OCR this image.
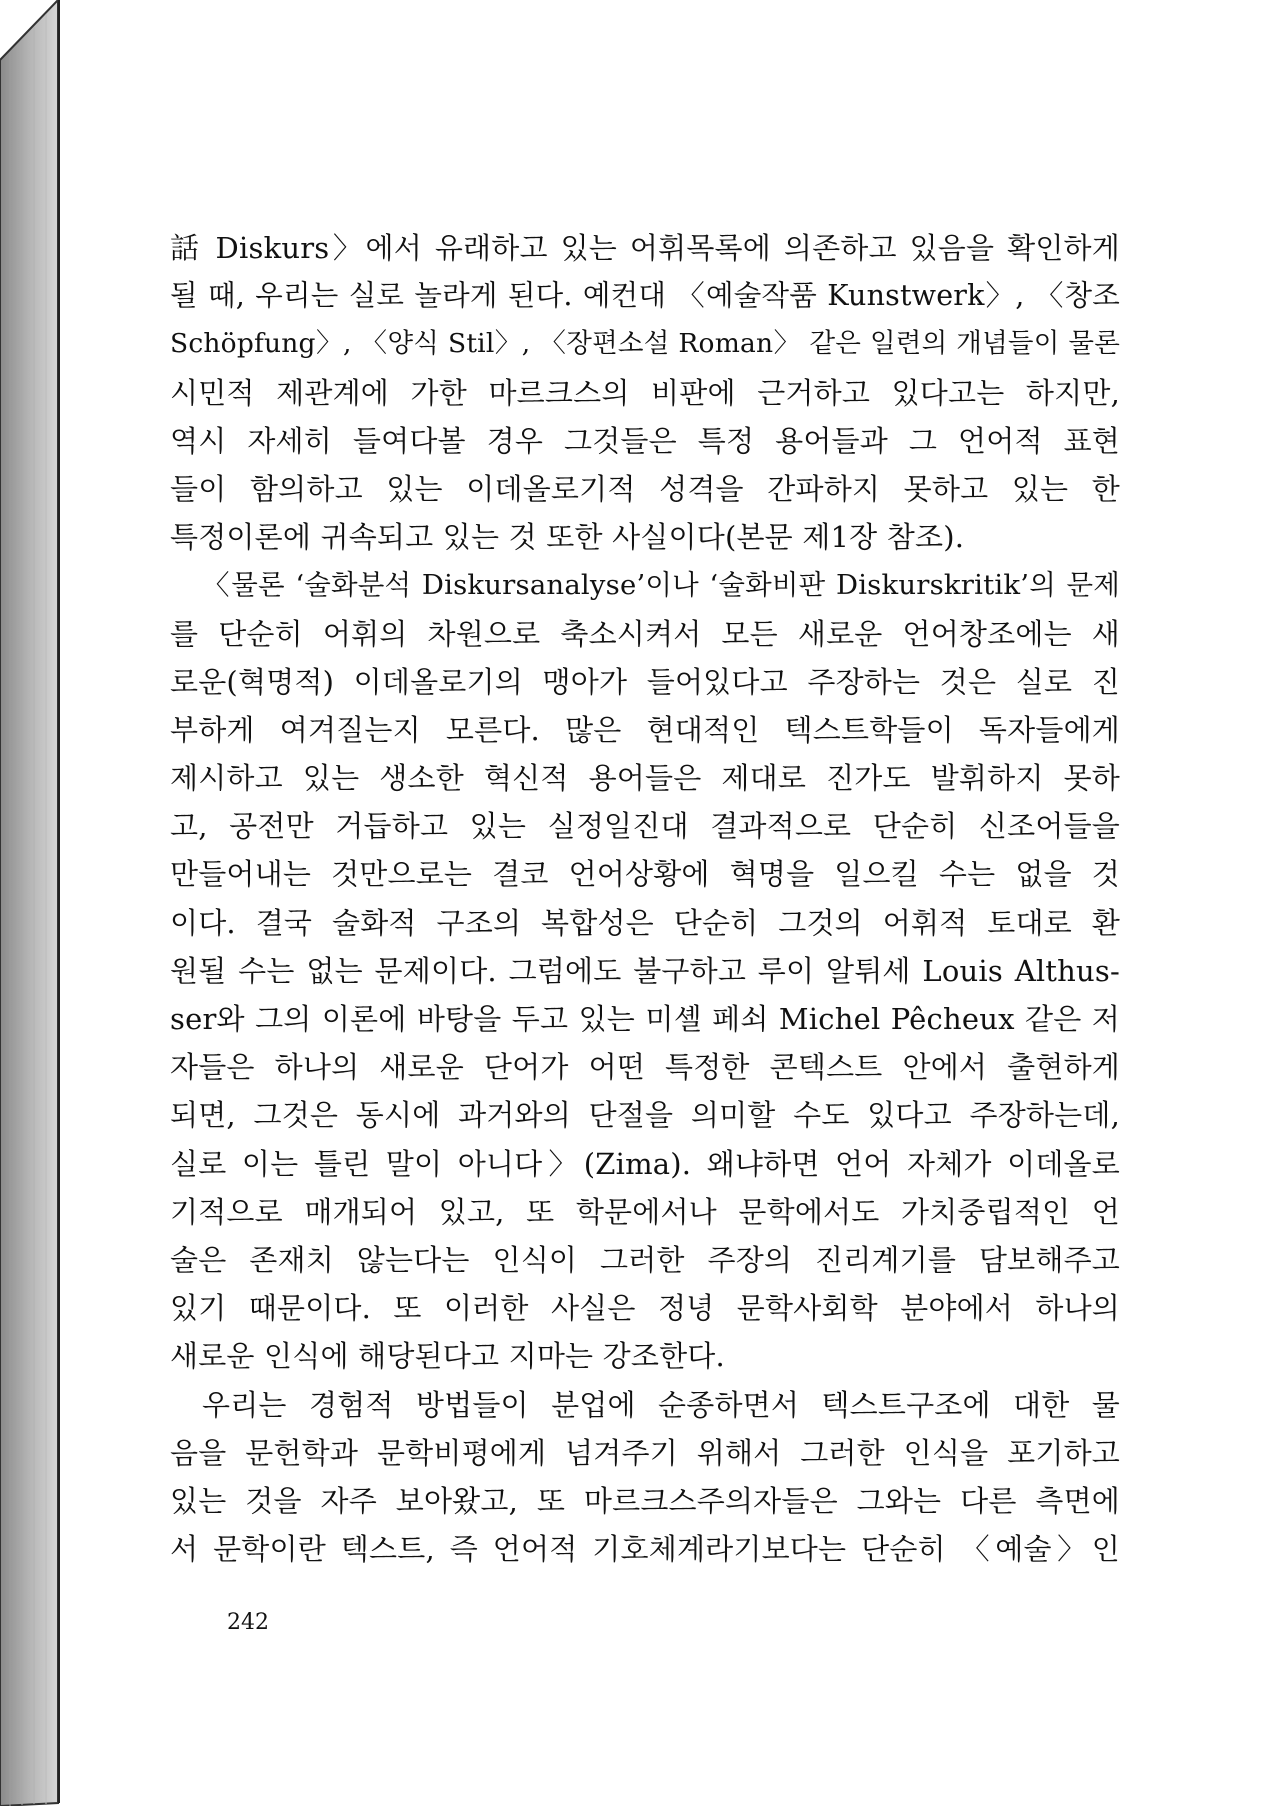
話 Diskurs〉에서 유래하고 있는 어휘목록에 의존하고 있음을 확인하게
될 때, 우리는 실로 놀라게 된다. 예컨대 〈예술작품 Kunstwerk〉, 〈창조
Schöpfung〉, 〈양식 Stil〉, 〈장편소설 Roman〉 같은 일련의 개념들이 물론
시민적 제관계에 가한 마르크스의 비판에 근거하고 있다고는 하지만,
역시 자세히 들여다볼 경우 그것들은 특정 용어들과 그 언어적 표현
들이 함의하고 있는 이데올로기적 성격을 간파하지 못하고 있는 한
특정이론에 귀속되고 있는 것 또한 사실이다(본문 제1장 참조).
〈물론 ‘술화분석 Diskursanalyse’이나 ‘술화비판 Diskurskritik’의 문제
를 단순히 어휘의 차원으로 축소시켜서 모든 새로운 언어창조에는 새
로운(혁명적) 이데올로기의 맹아가 들어있다고 주장하는 것은 실로 진
부하게 여겨질는지 모른다. 많은 현대적인 텍스트학들이 독자들에게
제시하고 있는 생소한 혁신적 용어들은 제대로 진가도 발휘하지 못하
고, 공전만 거듭하고 있는 실정일진대 결과적으로 단순히 신조어들을
만들어내는 것만으로는 결코 언어상황에 혁명을 일으킬 수는 없을 것
이다. 결국 술화적 구조의 복합성은 단순히 그것의 어휘적 토대로 환
원될 수는 없는 문제이다. 그럼에도 불구하고 루이 알튀세 Louis Althus-
ser와 그의 이론에 바탕을 두고 있는 미셸 페쇠 Michel Pêcheux 같은 저
자들은 하나의 새로운 단어가 어떤 특정한 콘텍스트 안에서 출현하게
되면, 그것은 동시에 과거와의 단절을 의미할 수도 있다고 주장하는데,
실로 이는 틀린 말이 아니다〉(Zima). 왜냐하면 언어 자체가 이데올로
기적으로 매개되어 있고, 또 학문에서나 문학에서도 가치중립적인 언
술은 존재치 않는다는 인식이 그러한 주장의 진리계기를 담보해주고
있기 때문이다. 또 이러한 사실은 정녕 문학사회학 분야에서 하나의
새로운 인식에 해당된다고 지마는 강조한다.
우리는 경험적 방법들이 분업에 순종하면서 텍스트구조에 대한 물
음을 문헌학과 문학비평에게 넘겨주기 위해서 그러한 인식을 포기하고
있는 것을 자주 보아왔고, 또 마르크스주의자들은 그와는 다른 측면에
서 문학이란 텍스트, 즉 언어적 기호체계라기보다는 단순히 〈예술〉인
242
